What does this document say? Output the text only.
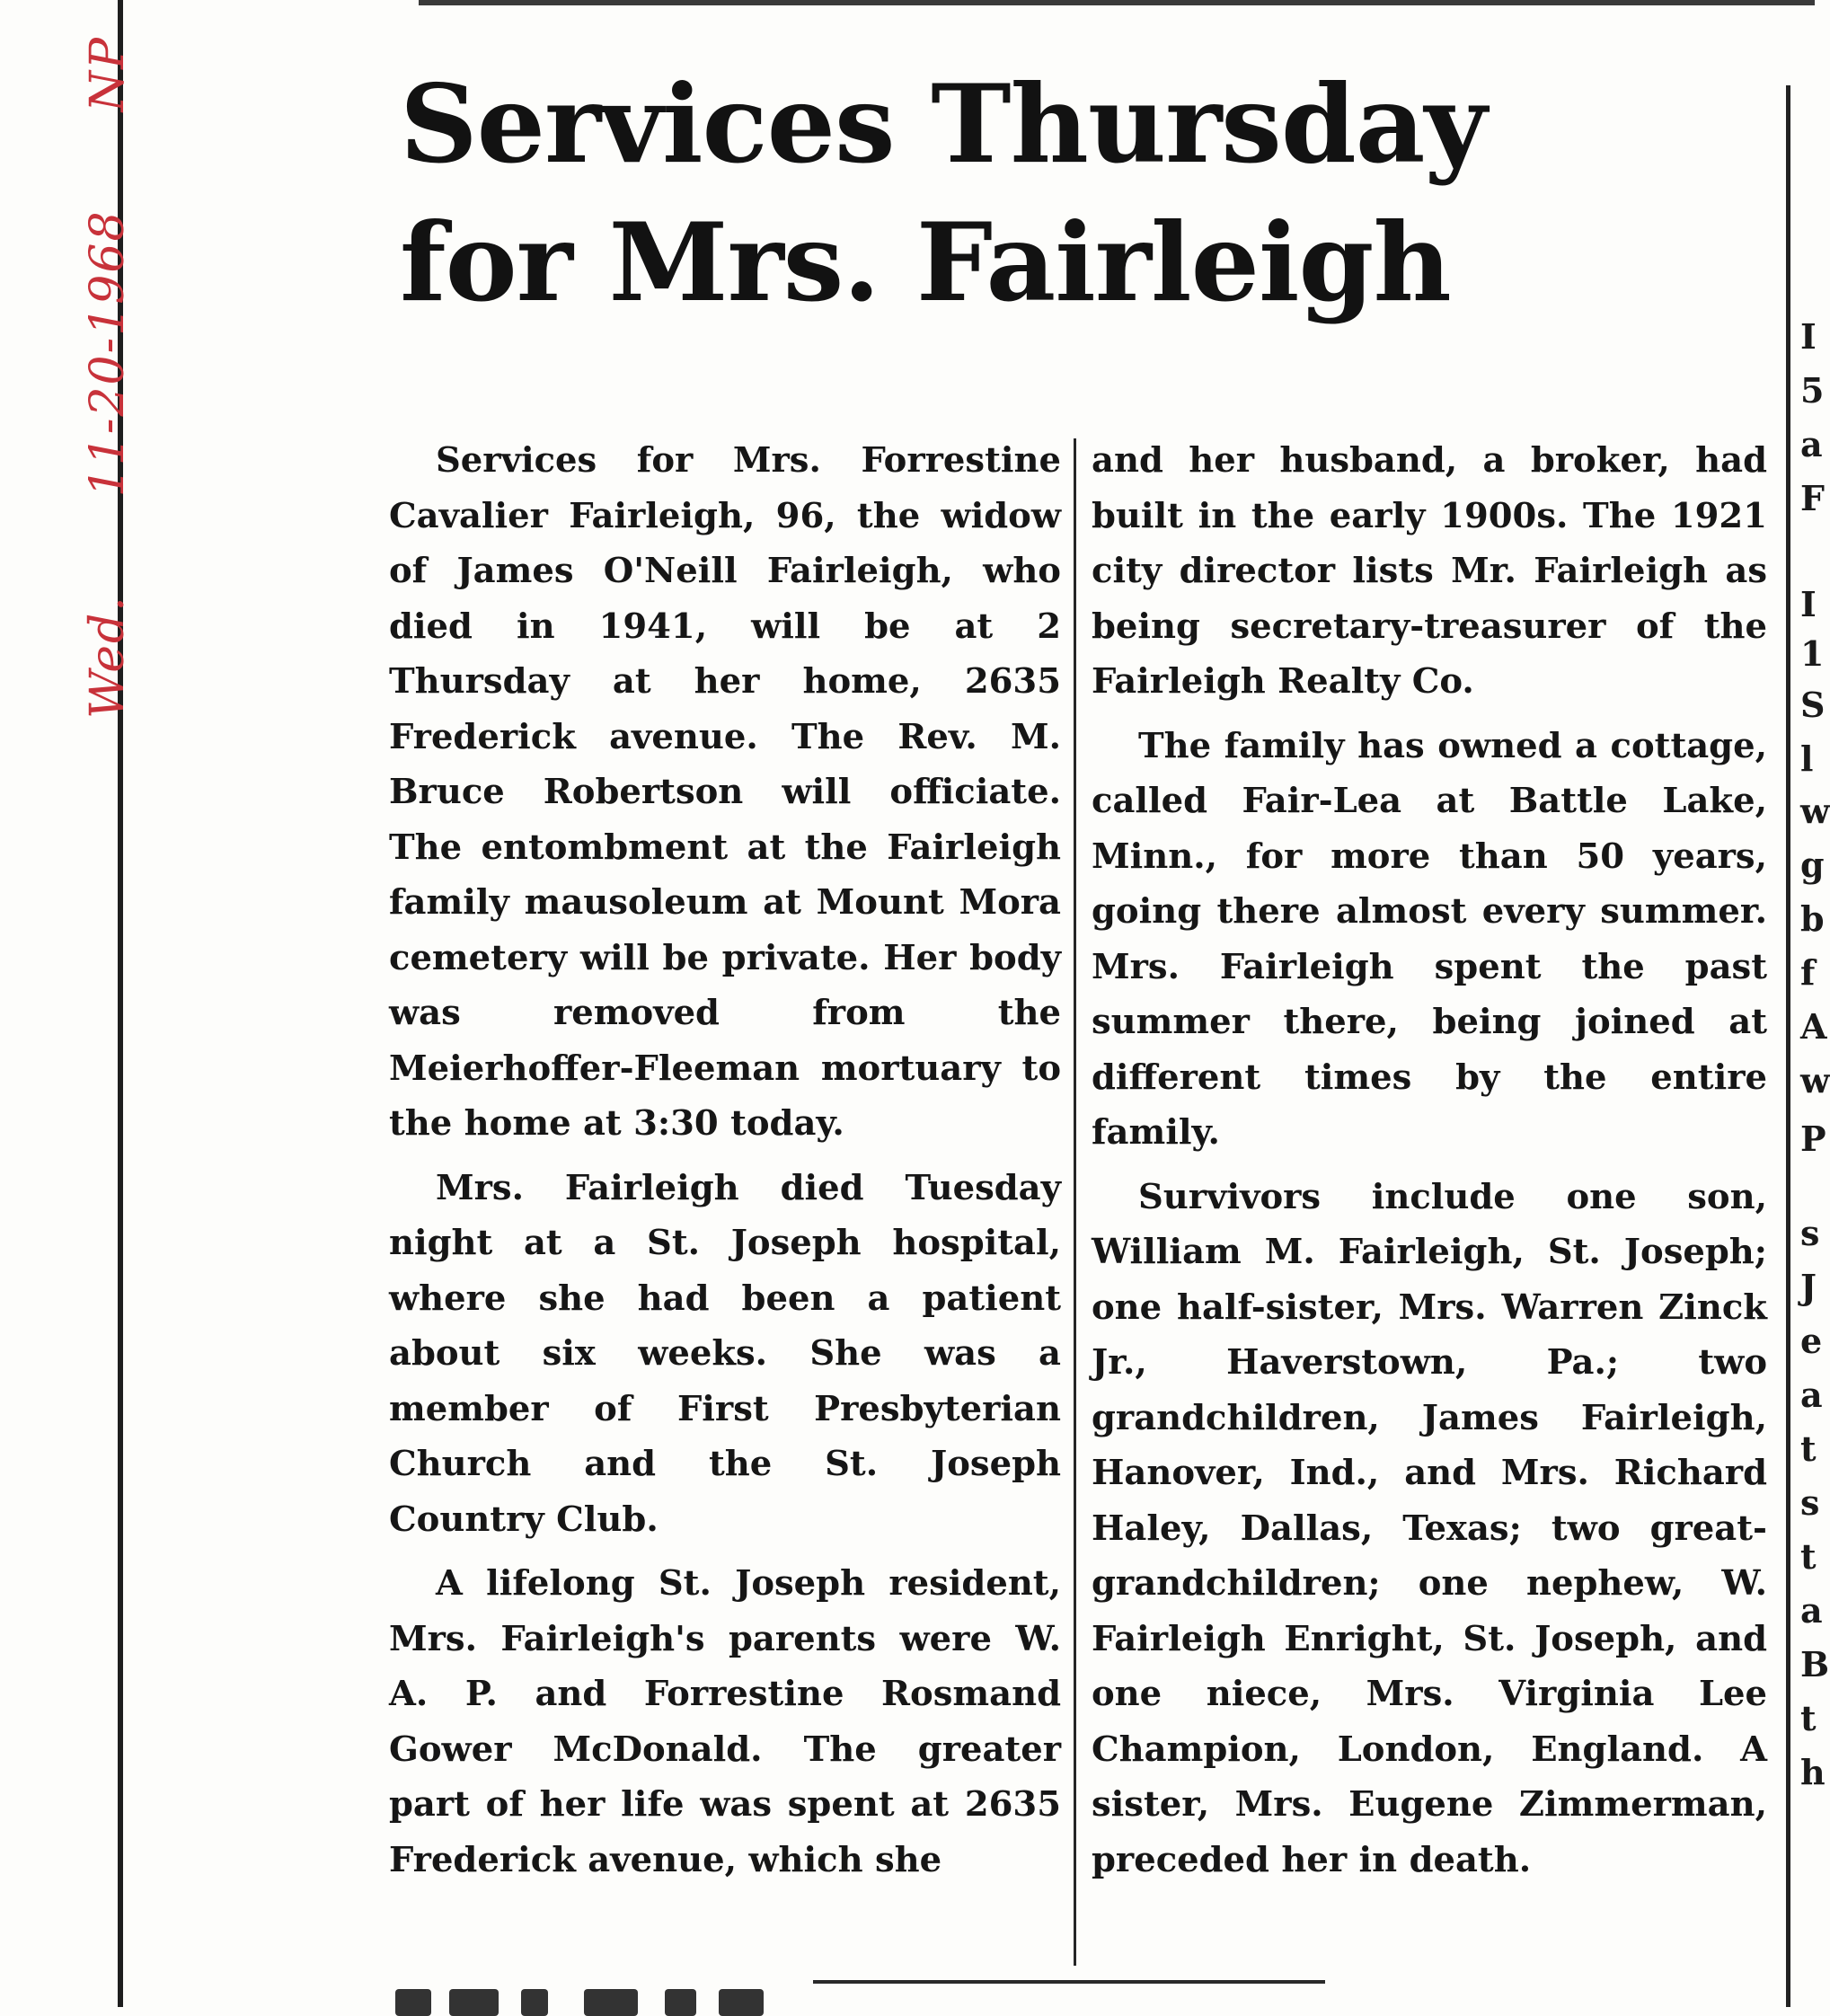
Wed.
11-20-1968
NP Services Thursday
for Mrs. Fairleigh

Services for Mrs. Forrestine Cavalier Fairleigh, 96, the widow of James O'Neill Fairleigh, who died in 1941, will be at 2 Thursday at her home, 2635 Frederick avenue. The Rev. M. Bruce Robertson will officiate. The entombment at the Fairleigh family mausoleum at Mount Mora cemetery will be private. Her body was removed from the Meierhoffer-Fleeman mortuary to the home at 3:30 today.

Mrs. Fairleigh died Tuesday night at a St. Joseph hospital, where she had been a patient about six weeks. She was a member of First Presbyterian Church and the St. Joseph Country Club.

A lifelong St. Joseph resident, Mrs. Fairleigh's parents were W. A. P. and Forrestine Rosmand Gower McDonald. The greater part of her life was spent at 2635 Frederick avenue, which she

and her husband, a broker, had built in the early 1900s. The 1921 city director lists Mr. Fairleigh as being secretary-treasurer of the Fairleigh Realty Co.

The family has owned a cottage, called Fair-Lea at Battle Lake, Minn., for more than 50 years, going there almost every summer. Mrs. Fairleigh spent the past summer there, being joined at different times by the entire family.

Survivors include one son, William M. Fairleigh, St. Joseph; one half-sister, Mrs. Warren Zinck Jr., Haverstown, Pa.; two grandchildren, James Fairleigh, Hanover, Ind., and Mrs. Richard Haley, Dallas, Texas; two great-grandchildren; one nephew, W. Fairleigh Enright, St. Joseph, and one niece, Mrs. Virginia Lee Champion, London, England. A sister, Mrs. Eugene Zimmerman, preceded her in death.

I
5
a
F
I
1
S
l
w
g
b
f
A
w
P
s
J
e
a
t
s
t
a
B
t
h
